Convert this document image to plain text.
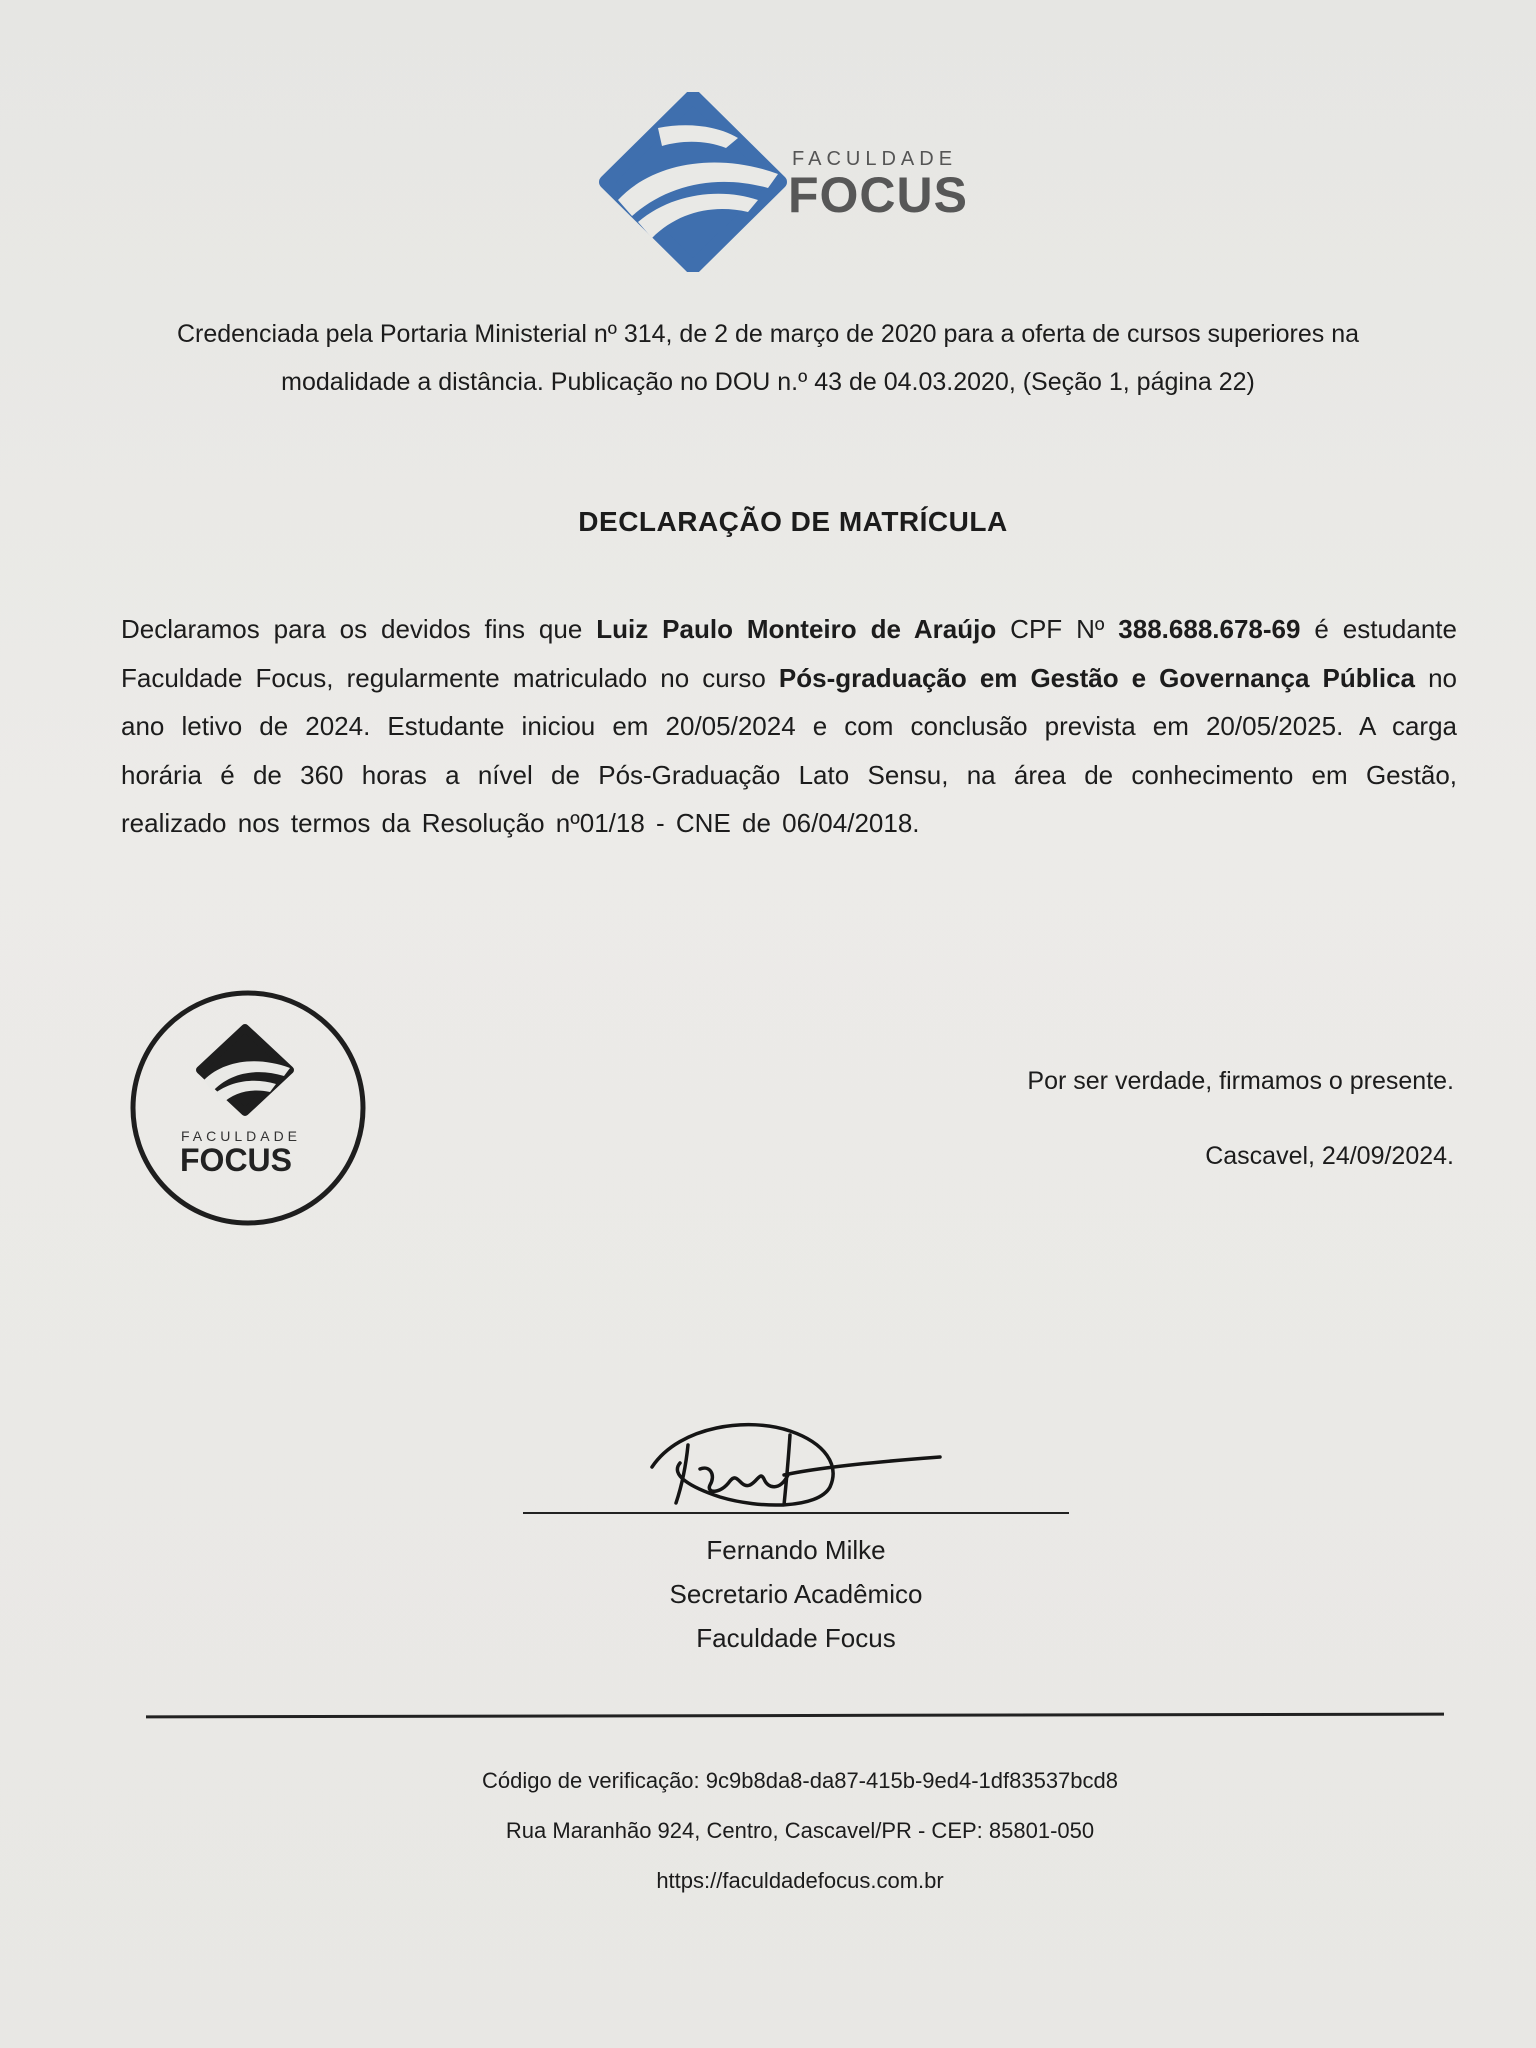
FACULDADE
FOCUS
Credenciada pela Portaria Ministerial nº 314, de 2 de março de 2020 para a oferta de cursos superiores na
modalidade a distância. Publicação no DOU n.º 43 de 04.03.2020, (Seção 1, página 22)
DECLARAÇÃO DE MATRÍCULA
Declaramos para os devidos fins que Luiz Paulo Monteiro de Araújo CPF Nº 388.688.678-69 é estudante Faculdade Focus, regularmente matriculado no curso Pós-graduação em Gestão e Governança Pública no ano letivo de 2024. Estudante iniciou em 20/05/2024 e com conclusão prevista em 20/05/2025. A carga horária é de 360 horas a nível de Pós-Graduação Lato Sensu, na área de conhecimento em Gestão, realizado nos termos da Resolução nº01/18 - CNE de 06/04/2018.
FACULDADE
FOCUS
Por ser verdade, firmamos o presente.
Cascavel, 24/09/2024.
Fernando Milke
Secretario Acadêmico
Faculdade Focus
Código de verificação: 9c9b8da8-da87-415b-9ed4-1df83537bcd8
Rua Maranhão 924, Centro, Cascavel/PR - CEP: 85801-050
https://faculdadefocus.com.br
